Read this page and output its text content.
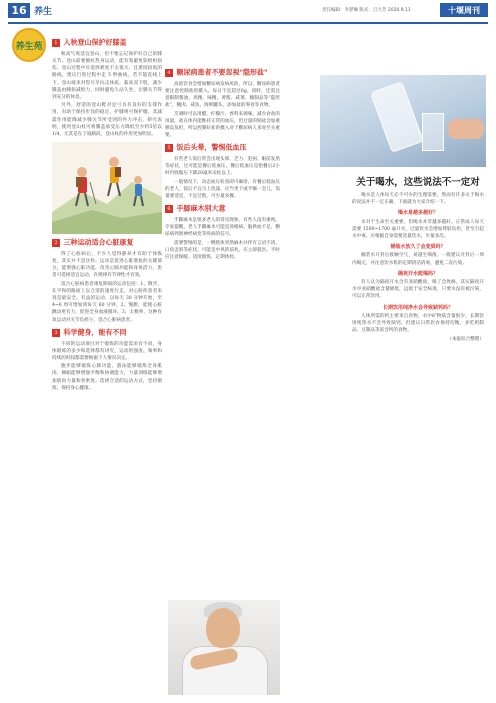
16 养生	责任编辑：李梦琳 版式：吕大芳 2020.9.11	十堰周刊
养生苑	1 入秋登山保护好膝盖

秋高气爽适宜登山，但不要忘记保护好自己的膝关节。登山前要做好热身运动，能有效避免软组织损伤。登山过程中应选择难度不太很大、且难度较低的路线，建议行进过程中走 5 秒曲线，若不能直线上下。登山坡来对您尽早抗击体质，临高双下肢，减少膝盖由膝损减组力，同时避免久站久坐，让膝关节得到充分的休息。

另外，舒适的登山鞋对足弓具有良好的支撑作用，有助于保持步伐的稳定。护膝则可保护膝，其减震作用能降减少膝关节所受到的外力冲击，研究表明，使用登山杖可将膝盖承受压力降低至少约5倍以1/4，尤其是在下坡路段，登山杖的作用更加明显。

2 三种运动适合心脏康复

得了心脏病后，不少人觉得静养才有助于体恢复，其实并不是这样。运动是促进心脏康复的关键部分，能增强心脏功能，改善心肺功能和身体活力，患者可选择适宜运动，有规律有节律性才有效。

适合心脏病患者康复期间的运动包括：1、散步，在平和的路面上以合适的速度行走，对心脏疾患者来说是最安全、有益的运动，以每天 30 分钟开始，至 4~6 周可增加到每天 60 分钟。2、慢跑，能使心脏跳动更有力，促进全身血液循环。3、太极拳，这种有氧运动对关节负担小，适合心脏病患者。

3 科学健身，能有不同

不同的运动项目对于锻炼的功能需求有不同，身体锻炼的多少和选择都有讲究，运动的强度、频率和持续的时间都需要根据个人情况决定。

跑步能够锻炼心肺功能，游泳能够锻炼全身肌肉，舞蹈能够增强平衡和协调能力，力量训练能够增加肌肉力量和骨密度。选择合适的运动方式，坚持锻炼，保持身心健康。

4 糖尿病患者不要忽视“隐形盐”

高盐饮食会增加糖尿病发病风险，所以，糖尿病患者要注意控制盐的摄入。每日不宜超过6g，同时，还需注意限制酱油、鸡精、味精、黄酱、咸菜、腌制品等“隐形盐”，腌肉、咸鱼、海鲜罐头，添加盐的零食等食物。

烹调时可以用醋、柠檬汁、香料来调味，减少食盐的用量。盐在体内能维持正常的血压，但过量的钠盐会加重胰岛负担，所以控制好盐的摄入对于糖尿病人来说至关重要。

5 饭后头晕，警惕低血压

有些老人饭后常会出现头晕、乏力、犯困、眼前发黑等症状，这可能是餐后低血压。餐后低血压是指餐后2小时内收缩压下降20毫米汞柱以上。

一般情况下，动态血压检查即可确诊。有餐后低血压的老人，饭后不宜马上洗澡，应当坐下或平躺一会儿，饭量要适宜，不宜过饱，可少量多餐。

6 手脚麻木别大意

手脚麻木是很多老人的常见现象，有些人没有重视。专家提醒，老人手脚麻木可能是颈椎病、脑供血不足、糖尿病周围神经病变等疾病的信号。

需要警惕的是，一侧肢体突然麻木并伴有言语不清、口角歪斜等症状，可能是中风的前兆，应立即就医。平时应注意保暖、适度锻炼，定期体检。

关于喝水，这些说法不一定对

喝水是人体每天必不可少的生理需要，然而有许多关于喝水的说法并不一定正确，下面就为大家介绍一下。

喝水是越多越好？

水对于生命至关重要，但喝水并非越多越好。正常成人每天需要 1500~1700 毫升水，过量饮水会增加肾脏负担，甚至引起水中毒。应根据自身需要适量饮水，少量多次。

桶装水放久了会变质吗？

桶装水开封后接触空气，易滋生细菌。一般建议开封后一周内喝完，并注意饮水机的定期清洁消毒，避免二次污染。

隔夜开水能喝吗？

有人认为隔夜开水含有亚硝酸盐，喝了会致癌。其实隔夜开水中亚硝酸盐含量极低，远低于安全标准，只要水没有被污染，可以正常饮用。

长期饮用纯净水会导致缺钙吗？

人体所需的钙主要来自食物，水中矿物质含量很少。长期饮用纯净水不会导致缺钙，但建议日常饮食保持均衡，多吃奶制品、豆制品等富含钙的食物。

（本报综合整理）
